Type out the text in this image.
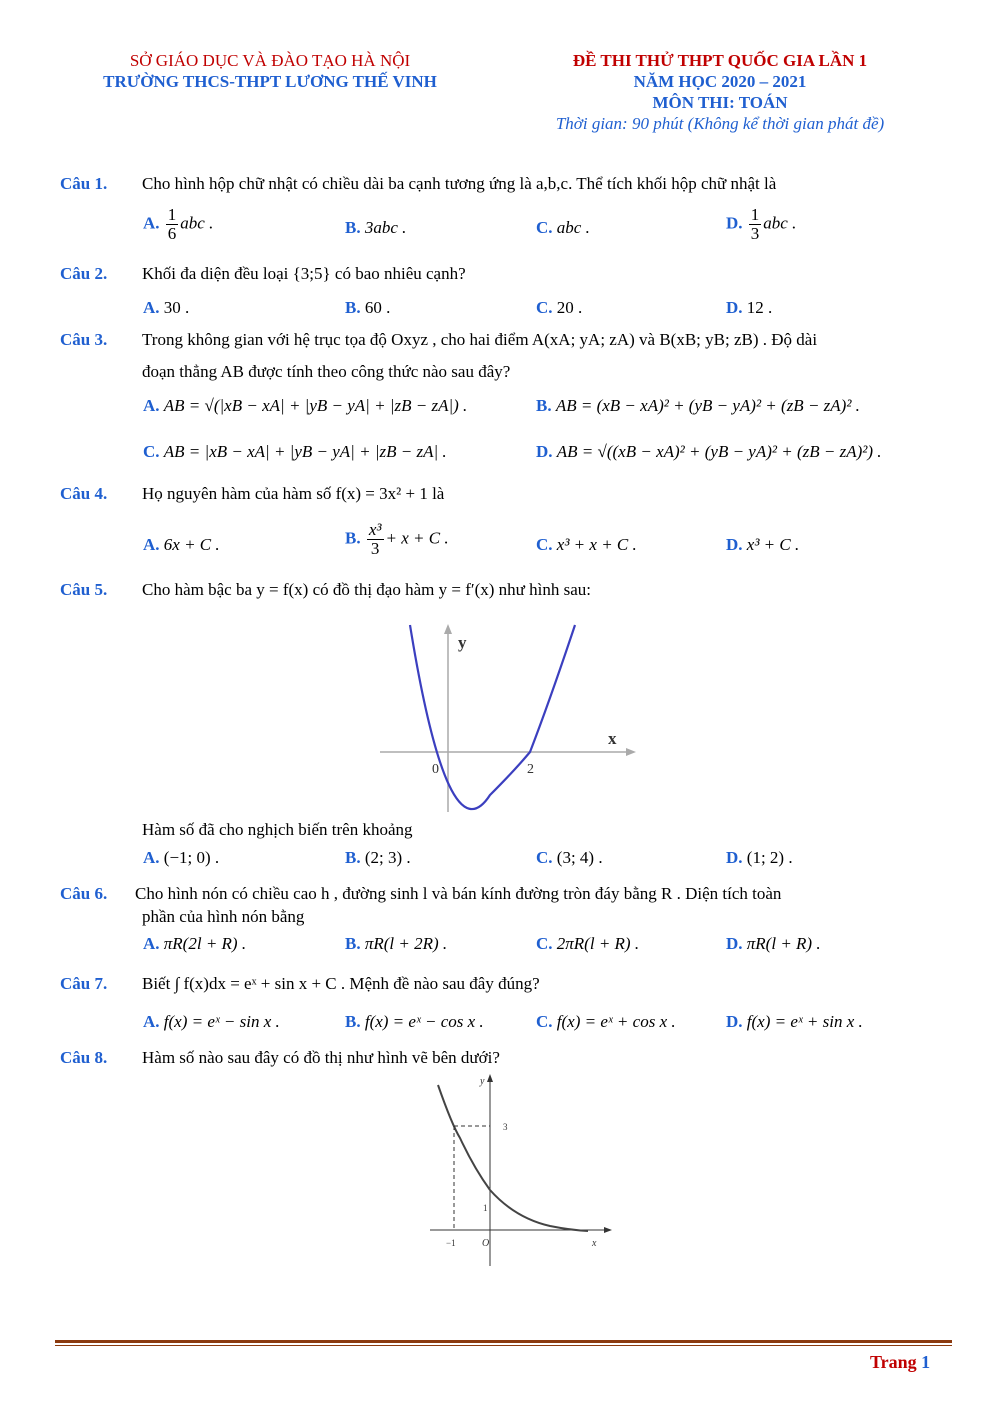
SỞ GIÁO DỤC VÀ ĐÀO TẠO HÀ NỘI
TRƯỜNG THCS-THPT LƯƠNG THẾ VINH
ĐỀ THI THỬ THPT QUỐC GIA LẦN 1
NĂM HỌC 2020 – 2021
MÔN THI: TOÁN
Thời gian: 90 phút (Không kể thời gian phát đề)
Câu 1. Cho hình hộp chữ nhật có chiều dài ba cạnh tương ứng là a,b,c. Thể tích khối hộp chữ nhật là
A. $\frac{1}{6}$ abc .	B. 3abc .	C. abc .	D. $\frac{1}{3}$ abc .
Câu 2. Khối đa diện đều loại {3;5} có bao nhiêu cạnh?
A. 30 .	B. 60 .	C. 20 .	D. 12 .
Câu 3. Trong không gian với hệ trục tọa độ Oxyz , cho hai điểm A(xA; yA; zA) và B(xB; yB; zB) . Độ dài
đoạn thẳng AB được tính theo công thức nào sau đây?
A. AB = √(|xB − xA| + |yB − yA| + |zB − zA|) .	B. AB = (xB − xA)² + (yB − yA)² + (zB − zA)² .
C. AB = |xB − xA| + |yB − yA| + |zB − zA| .	D. AB = √((xB − xA)² + (yB − yA)² + (zB − zA)²) .
Câu 4. Họ nguyên hàm của hàm số f(x) = 3x² + 1 là
A. 6x + C .	B. $\frac{\text{x³}}{3} + x + C$ .	C. x³ + x + C .	D. x³ + C .
Câu 5. Cho hàm bậc ba y = f(x) có đồ thị đạo hàm y = f′(x) như hình sau:
y
x
0	2
Hàm số đã cho nghịch biến trên khoảng
A. (−1; 0) .	B. (2; 3) .	C. (3; 4) .	D. (1; 2) .
Câu 6. Cho hình nón có chiều cao h , đường sinh l và bán kính đường tròn đáy bằng R . Diện tích toàn
phần của hình nón bằng
A. πR(2l + R) .	B. πR(l + 2R) .	C. 2πR(l + R) .	D. πR(l + R) .
Câu 7. Biết ∫ f(x)dx = eˣ + sin x + C . Mệnh đề nào sau đây đúng?
A. f(x) = eˣ − sin x .	B. f(x) = eˣ − cos x .	C. f(x) = eˣ + cos x .	D. f(x) = eˣ + sin x .
Câu 8. Hàm số nào sau đây có đồ thị như hình vẽ bên dưới?
y
x
O
3
1
−1
Trang 1
